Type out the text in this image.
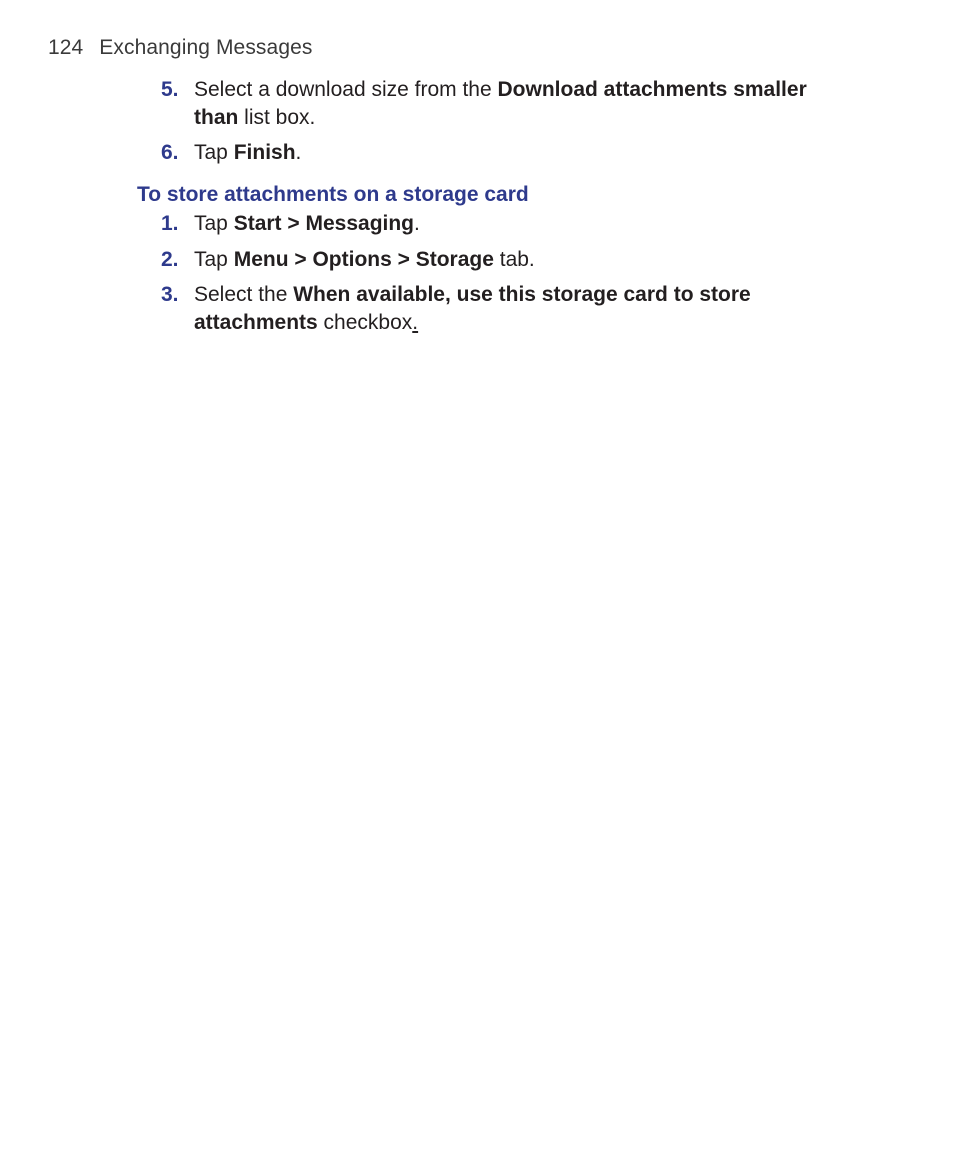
124 Exchanging Messages
5. Select a download size from the Download attachments smaller than list box.
6. Tap Finish.
To store attachments on a storage card
1. Tap Start > Messaging.
2. Tap Menu > Options > Storage tab.
3. Select the When available, use this storage card to store attachments checkbox.
